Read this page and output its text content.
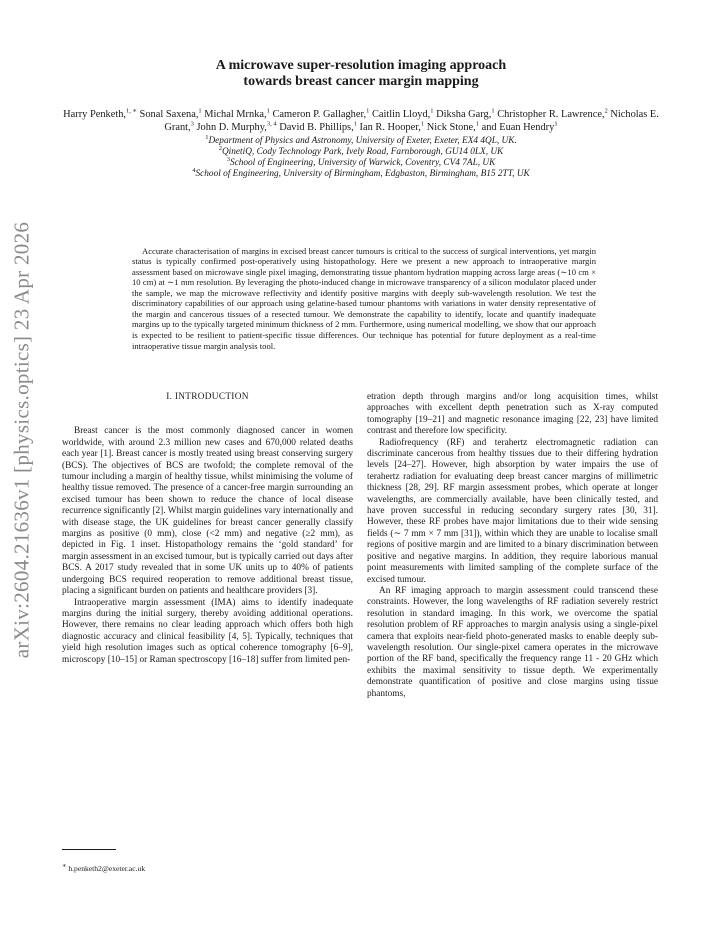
arXiv:2604.21636v1 [physics.optics] 23 Apr 2026

A microwave super-resolution imaging approach
towards breast cancer margin mapping

Harry Penketh,$^{1, ∗}$ Sonal Saxena,$^1$ Michal Mrnka,$^1$ Cameron P. Gallagher,$^1$ Caitlin Lloyd,$^1$ Diksha Garg,$^1$ Christopher R. Lawrence,$^2$ Nicholas E. Grant,$^3$ John D. Murphy,$^{3, 4}$ David B. Phillips,$^1$ Ian R. Hooper,$^1$ Nick Stone,$^1$ and Euan Hendry$^1$
$^1$Department of Physics and Astronomy, University of Exeter, Exeter, EX4 4QL, UK.
$^2$QinetiQ, Cody Technology Park, Ively Road, Farnborough, GU14 0LX, UK
$^3$School of Engineering, University of Warwick, Coventry, CV4 7AL, UK
$^4$School of Engineering, University of Birmingham, Edgbaston, Birmingham, B15 2TT, UK

Accurate characterisation of margins in excised breast cancer tumours is critical to the success of surgical interventions, yet margin status is typically confirmed post-operatively using histopathology. Here we present a new approach to intraoperative margin assessment based on microwave single pixel imaging, demonstrating tissue phantom hydration mapping across large areas (∼10 cm × 10 cm) at ∼1 mm resolution. By leveraging the photo-induced change in microwave transparency of a silicon modulator placed under the sample, we map the microwave reflectivity and identify positive margins with deeply sub-wavelength resolution. We test the discriminatory capabilities of our approach using gelatine-based tumour phantoms with variations in water density representative of the margin and cancerous tissues of a resected tumour. We demonstrate the capability to identify, locate and quantify inadequate margins up to the typically targeted minimum thickness of 2 mm. Furthermore, using numerical modelling, we show that our approach is expected to be resilient to patient-specific tissue differences. Our technique has potential for future deployment as a real-time intraoperative tissue margin analysis tool.

I. INTRODUCTION

Breast cancer is the most commonly diagnosed cancer in women worldwide, with around 2.3 million new cases and 670,000 related deaths each year [1]. Breast cancer is mostly treated using breast conserving surgery (BCS). The objectives of BCS are twofold; the complete removal of the tumour including a margin of healthy tissue, whilst minimising the volume of healthy tissue removed. The presence of a cancer-free margin surrounding an excised tumour has been shown to reduce the chance of local disease recurrence significantly [2]. Whilst margin guidelines vary internationally and with disease stage, the UK guidelines for breast cancer generally classify margins as positive (0 mm), close (<2 mm) and negative (≥2 mm), as depicted in Fig. 1 inset. Histopathology remains the ‘gold standard’ for margin assessment in an excised tumour, but is typically carried out days after BCS. A 2017 study revealed that in some UK units up to 40% of patients undergoing BCS required reoperation to remove additional breast tissue, placing a significant burden on patients and healthcare providers [3].

Intraoperative margin assessment (IMA) aims to identify inadequate margins during the initial surgery, thereby avoiding additional operations. However, there remains no clear leading approach which offers both high diagnostic accuracy and clinical feasibility [4, 5]. Typically, techniques that yield high resolution images such as optical coherence tomography [6–9], microscopy [10–15] or Raman spectroscopy [16–18] suffer from limited pen-

etration depth through margins and/or long acquisition times, whilst approaches with excellent depth penetration such as X-ray computed tomography [19–21] and magnetic resonance imaging [22, 23] have limited contrast and therefore low specificity.

Radiofrequency (RF) and terahertz electromagnetic radiation can discriminate cancerous from healthy tissues due to their differing hydration levels [24–27]. However, high absorption by water impairs the use of terahertz radiation for evaluating deep breast cancer margins of millimetric thickness [28, 29]. RF margin assessment probes, which operate at longer wavelengths, are commercially available, have been clinically tested, and have proven successful in reducing secondary surgery rates [30, 31]. However, these RF probes have major limitations due to their wide sensing fields (∼ 7 mm × 7 mm [31]), within which they are unable to localise small regions of positive margin and are limited to a binary discrimination between positive and negative margins. In addition, they require laborious manual point measurements with limited sampling of the complete surface of the excised tumour.

An RF imaging approach to margin assessment could transcend these constraints. However, the long wavelengths of RF radiation severely restrict resolution in standard imaging. In this work, we overcome the spatial resolution problem of RF approaches to margin analysis using a single-pixel camera that exploits near-field photo-generated masks to enable deeply sub-wavelength resolution. Our single-pixel camera operates in the microwave portion of the RF band, specifically the frequency range 11 - 20 GHz which exhibits the maximal sensitivity to tissue depth. We experimentally demonstrate quantification of positive and close margins using tissue phantoms,

∗ h.penketh2@exeter.ac.uk
